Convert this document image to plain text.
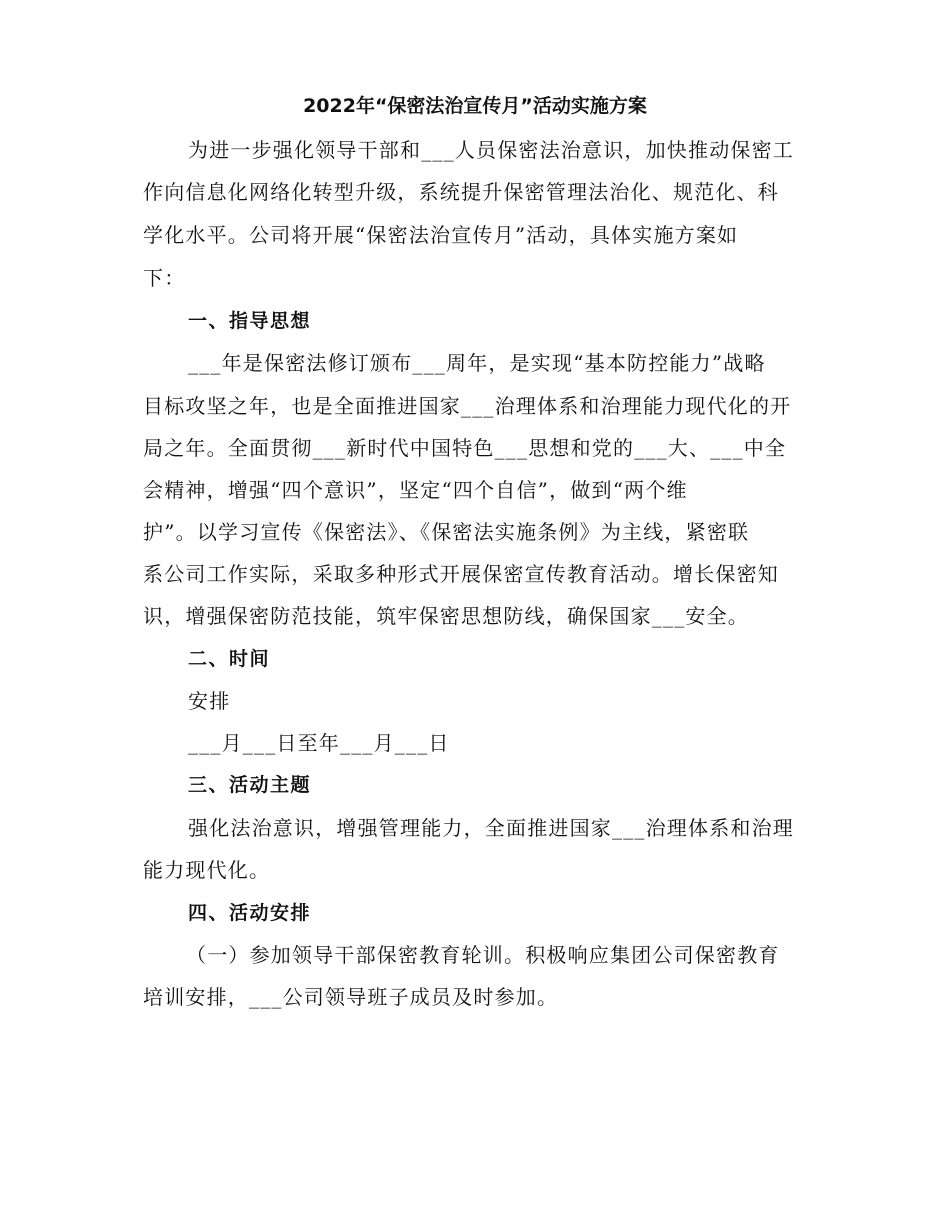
2022年“保密法治宣传月”活动实施方案
为进一步强化领导干部和___人员保密法治意识，加快推动保密工
作向信息化网络化转型升级，系统提升保密管理法治化、规范化、科
学化水平。公司将开展“保密法治宣传月”活动，具体实施方案如
下：
一、指导思想
___年是保密法修订颁布___周年，是实现“基本防控能力”战略
目标攻坚之年，也是全面推进国家___治理体系和治理能力现代化的开
局之年。全面贯彻___新时代中国特色___思想和党的___大、___中全
会精神，增强“四个意识”，坚定“四个自信”，做到“两个维
护”。以学习宣传《保密法》、《保密法实施条例》为主线，紧密联
系公司工作实际，采取多种形式开展保密宣传教育活动。增长保密知
识，增强保密防范技能，筑牢保密思想防线，确保国家___安全。
二、时间
安排
___月___日至年___月___日
三、活动主题
强化法治意识，增强管理能力，全面推进国家___治理体系和治理
能力现代化。
四、活动安排
（一）参加领导干部保密教育轮训。积极响应集团公司保密教育
培训安排，___公司领导班子成员及时参加。
